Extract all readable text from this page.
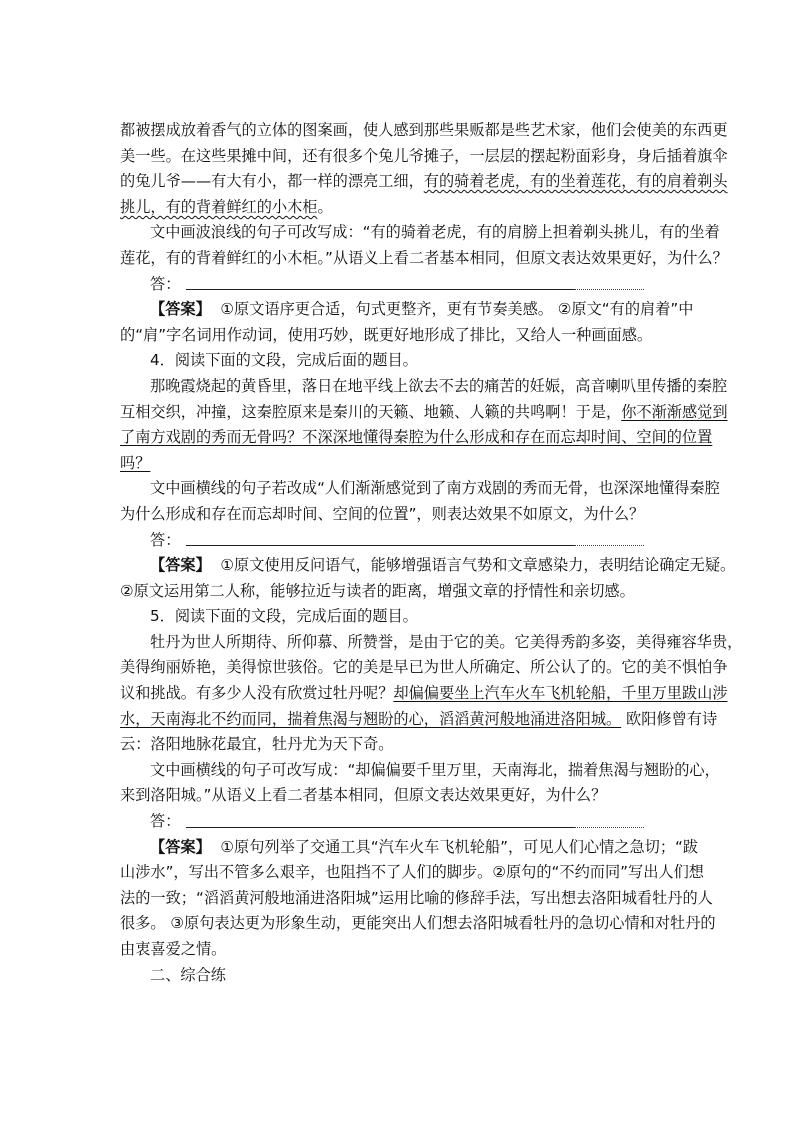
都被摆成放着香气的立体的图案画，使人感到那些果贩都是些艺术家，他们会使美的东西更
美一些。在这些果摊中间，还有很多个兔儿爷摊子，一层层的摆起粉面彩身，身后插着旗伞
的兔儿爷——有大有小，都一样的漂亮工细，有的骑着老虎，有的坐着莲花，有的肩着剃头
挑儿，有的背着鲜红的小木柜。
文中画波浪线的句子可改写成：“有的骑着老虎，有的肩膀上担着剃头挑儿，有的坐着
莲花，有的背着鲜红的小木柜。”从语义上看二者基本相同，但原文表达效果更好，为什么？
答：
【答案】 ①原文语序更合适，句式更整齐，更有节奏美感。 ②原文“有的肩着”中
的“肩”字名词用作动词，使用巧妙，既更好地形成了排比，又给人一种画面感。
4．阅读下面的文段，完成后面的题目。
那晚霞烧起的黄昏里，落日在地平线上欲去不去的痛苦的妊娠，高音喇叭里传播的秦腔
互相交织，冲撞，这秦腔原来是秦川的天籁、地籁、人籁的共鸣啊！于是，你不渐渐感觉到
了南方戏剧的秀而无骨吗？不深深地懂得秦腔为什么形成和存在而忘却时间、空间的位置
吗？
文中画横线的句子若改成“人们渐渐感觉到了南方戏剧的秀而无骨，也深深地懂得秦腔
为什么形成和存在而忘却时间、空间的位置”，则表达效果不如原文，为什么？
答：
【答案】 ①原文使用反问语气，能够增强语言气势和文章感染力，表明结论确定无疑。
②原文运用第二人称，能够拉近与读者的距离，增强文章的抒情性和亲切感。
5．阅读下面的文段，完成后面的题目。
牡丹为世人所期待、所仰慕、所赞誉，是由于它的美。它美得秀韵多姿，美得雍容华贵，
美得绚丽娇艳，美得惊世骇俗。它的美是早已为世人所确定、所公认了的。它的美不惧怕争
议和挑战。有多少人没有欣赏过牡丹呢？却偏偏要坐上汽车火车飞机轮船，千里万里跋山涉
水，天南海北不约而同，揣着焦渴与翘盼的心，滔滔黄河般地涌进洛阳城。 欧阳修曾有诗
云：洛阳地脉花最宜，牡丹尤为天下奇。
文中画横线的句子可改写成：“却偏偏要千里万里，天南海北，揣着焦渴与翘盼的心，
来到洛阳城。”从语义上看二者基本相同，但原文表达效果更好，为什么？
答：
【答案】 ①原句列举了交通工具“汽车火车飞机轮船”，可见人们心情之急切；“跋
山涉水”，写出不管多么艰辛，也阻挡不了人们的脚步。②原句的“不约而同”写出人们想
法的一致；“滔滔黄河般地涌进洛阳城”运用比喻的修辞手法，写出想去洛阳城看牡丹的人
很多。 ③原句表达更为形象生动，更能突出人们想去洛阳城看牡丹的急切心情和对牡丹的
由衷喜爱之情。
二、综合练
